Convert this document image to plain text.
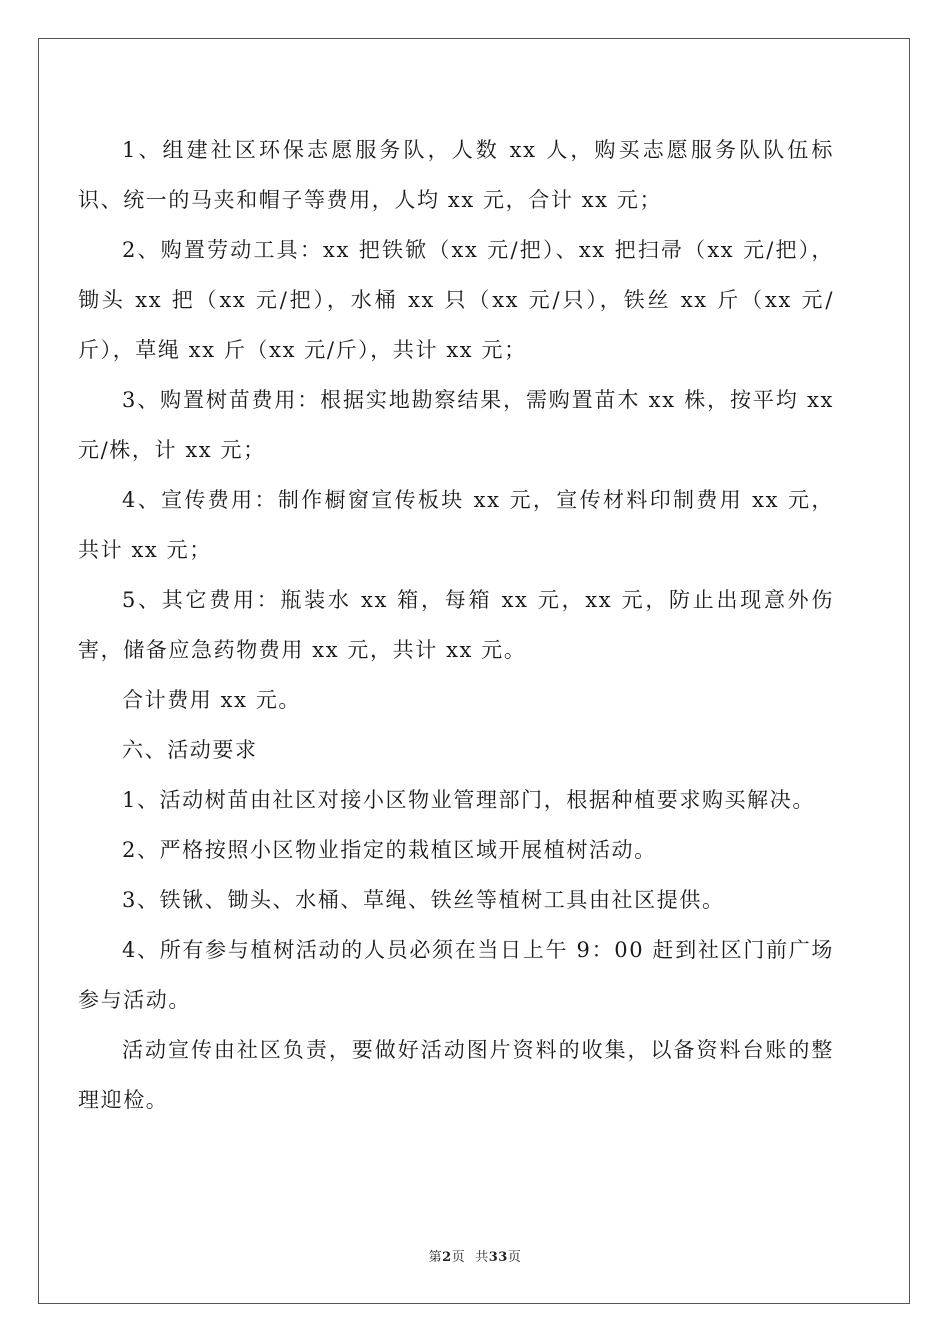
1、组建社区环保志愿服务队，人数 xx 人，购买志愿服务队队伍标识、统一的马夹和帽子等费用，人均 xx 元，合计 xx 元；

2、购置劳动工具：xx 把铁锨（xx 元/把）、xx 把扫帚（xx 元/把），锄头 xx 把（xx 元/把），水桶 xx 只（xx 元/只），铁丝 xx 斤（xx 元/斤），草绳 xx 斤（xx 元/斤），共计 xx 元；

3、购置树苗费用：根据实地勘察结果，需购置苗木 xx 株，按平均 xx 元/株，计 xx 元；

4、宣传费用：制作橱窗宣传板块 xx 元，宣传材料印制费用 xx 元，共计 xx 元；

5、其它费用：瓶装水 xx 箱，每箱 xx 元，xx 元，防止出现意外伤害，储备应急药物费用 xx 元，共计 xx 元。

合计费用 xx 元。

六、活动要求

1、活动树苗由社区对接小区物业管理部门，根据种植要求购买解决。

2、严格按照小区物业指定的栽植区域开展植树活动。

3、铁锹、锄头、水桶、草绳、铁丝等植树工具由社区提供。

4、所有参与植树活动的人员必须在当日上午 9：00 赶到社区门前广场参与活动。

活动宣传由社区负责，要做好活动图片资料的收集，以备资料台账的整理迎检。

第2页 共33页
